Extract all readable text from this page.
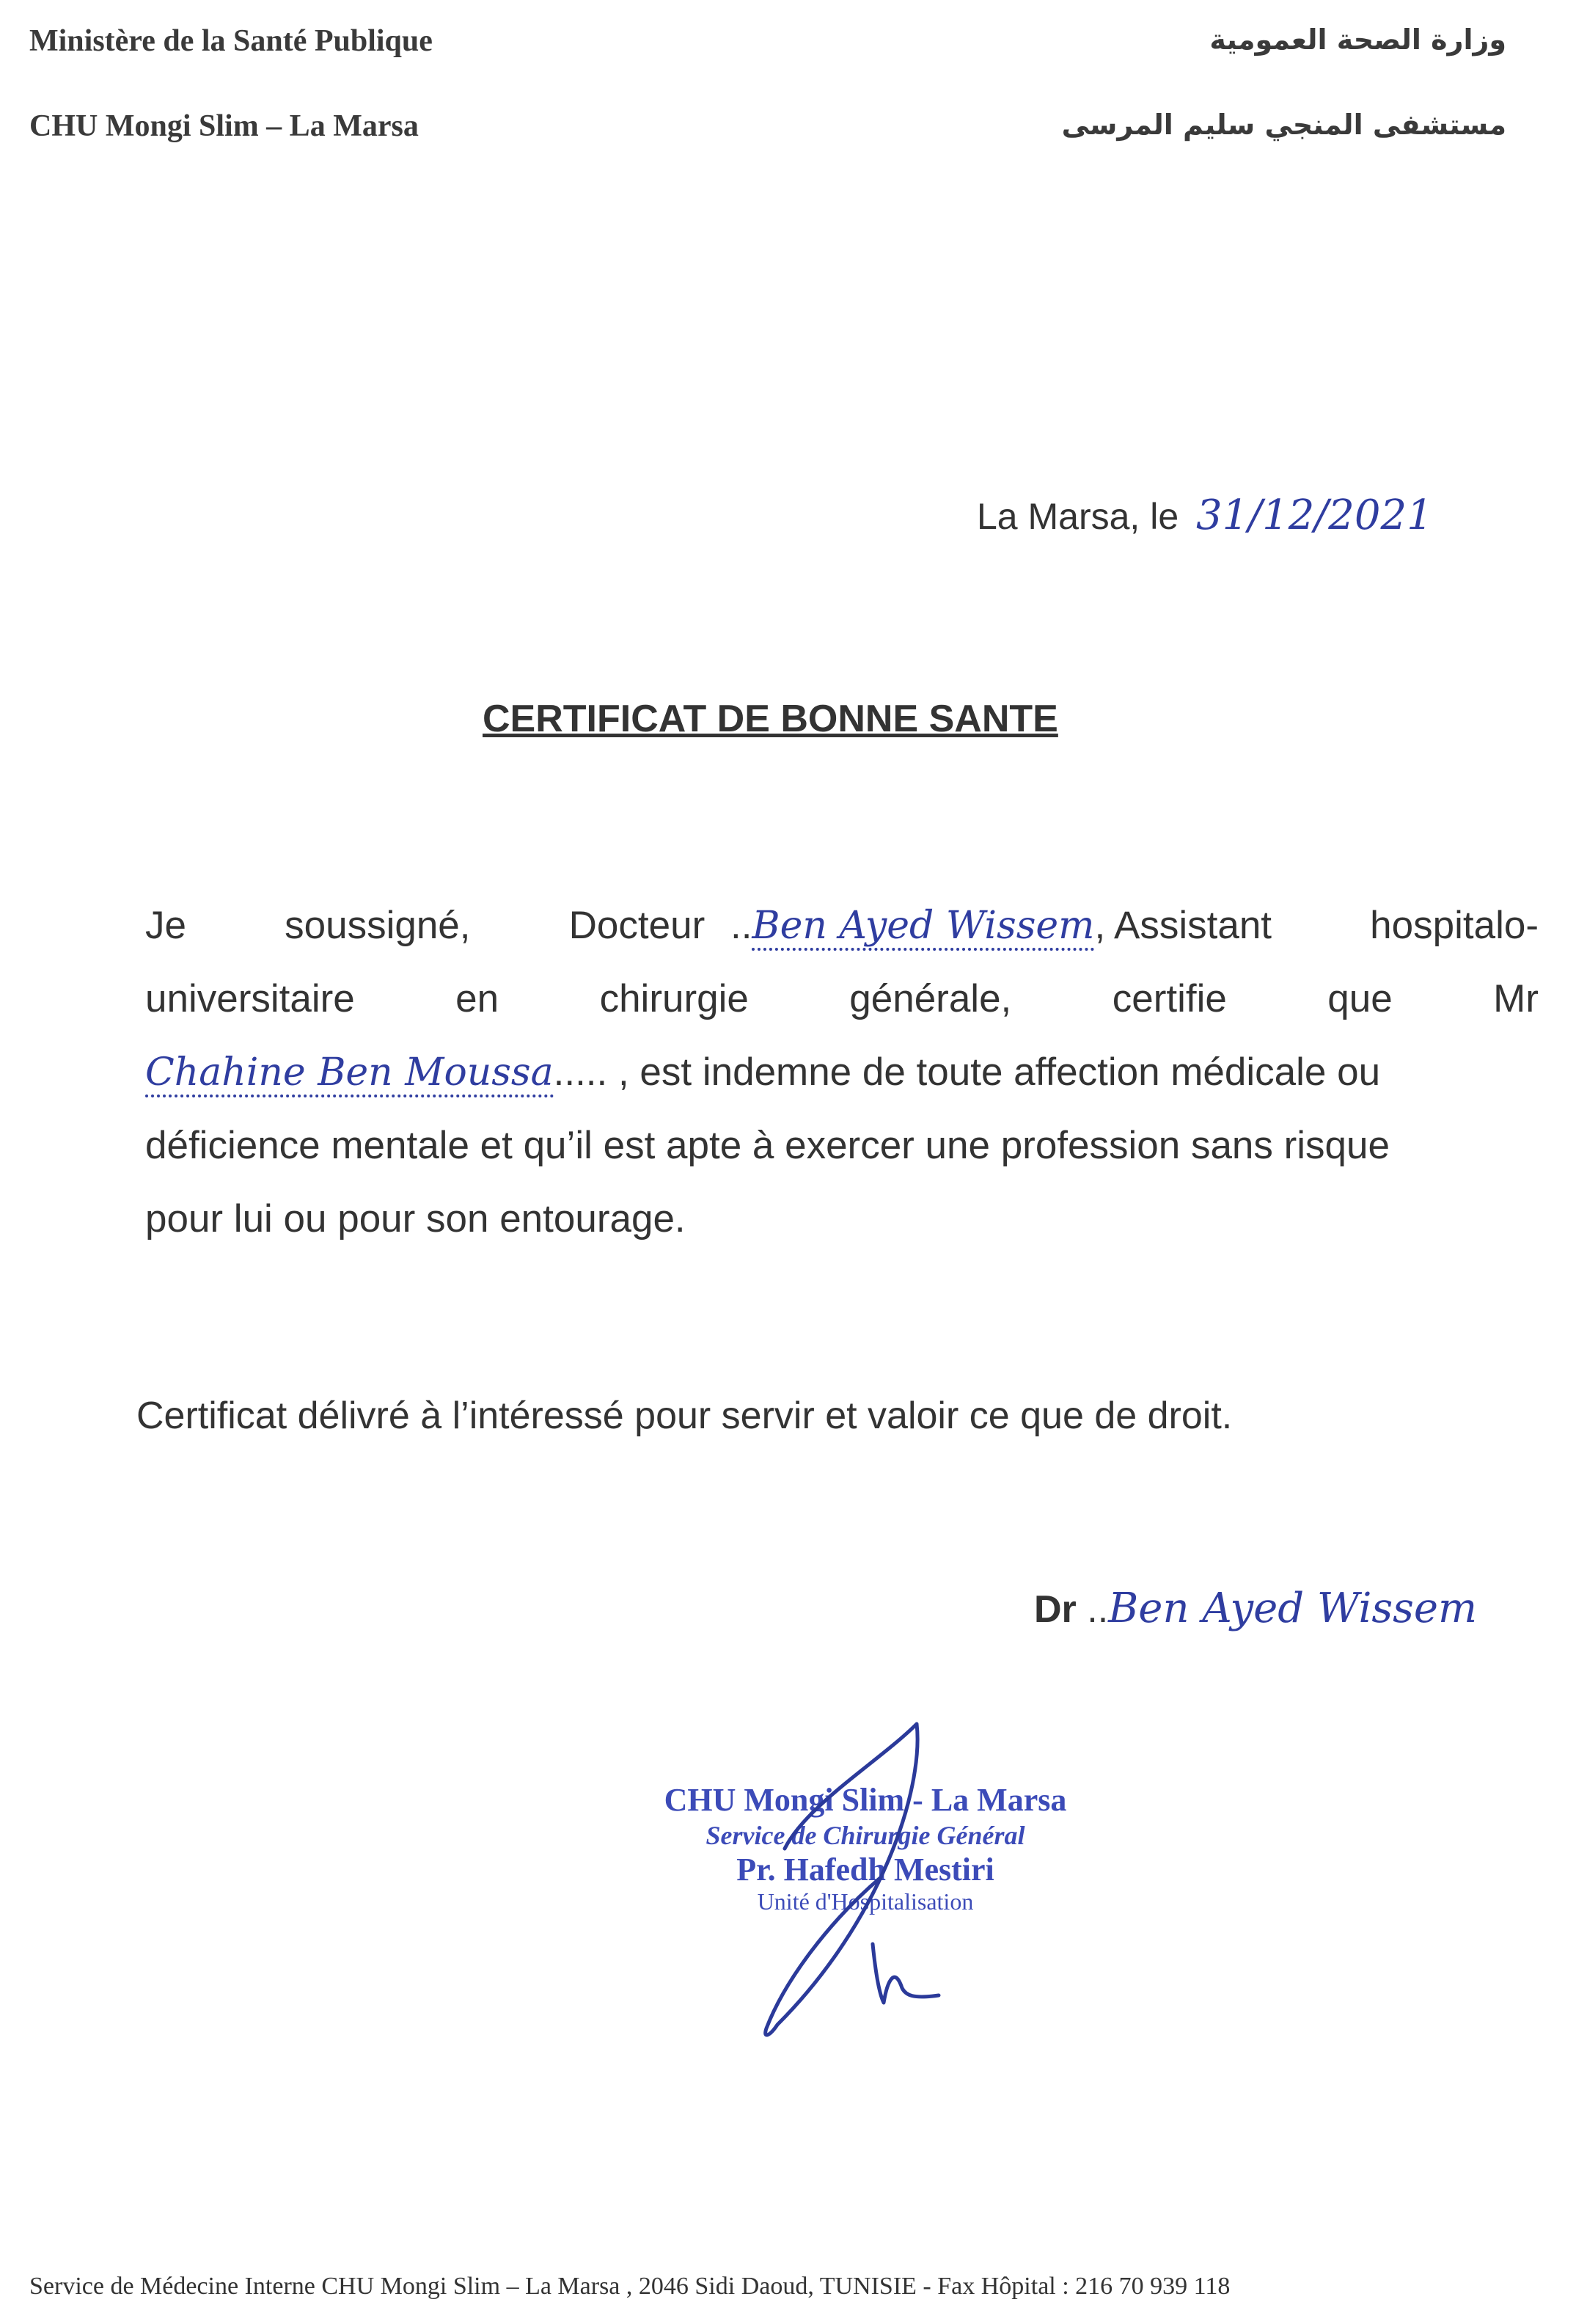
Ministère de la Santé Publique
CHU Mongi Slim – La Marsa
وزارة الصحة العمومية
مستشفى المنجي سليم المرسى
La Marsa, le 31/12/2021
CERTIFICAT DE BONNE SANTE
Je	soussigné,	Docteur ..Ben Ayed Wissem, Assistant	hospitalo-
universitaire	en	chirurgie	générale,	certifie	que	Mr
Chahine Ben Moussa..... , est indemne de toute affection médicale ou
déficience mentale et qu’il est apte à exercer une profession sans risque
pour lui ou pour son entourage.
Certificat délivré à l’intéressé pour servir et valoir ce que de droit.
Dr ..Ben Ayed Wissem
CHU Mongi Slim - La Marsa
Service de Chirurgie Général
Pr. Hafedh Mestiri
Unité d'Hospitalisation
Service de Médecine Interne CHU Mongi Slim – La Marsa , 2046 Sidi Daoud, TUNISIE - Fax Hôpital : 216 70 939 118
